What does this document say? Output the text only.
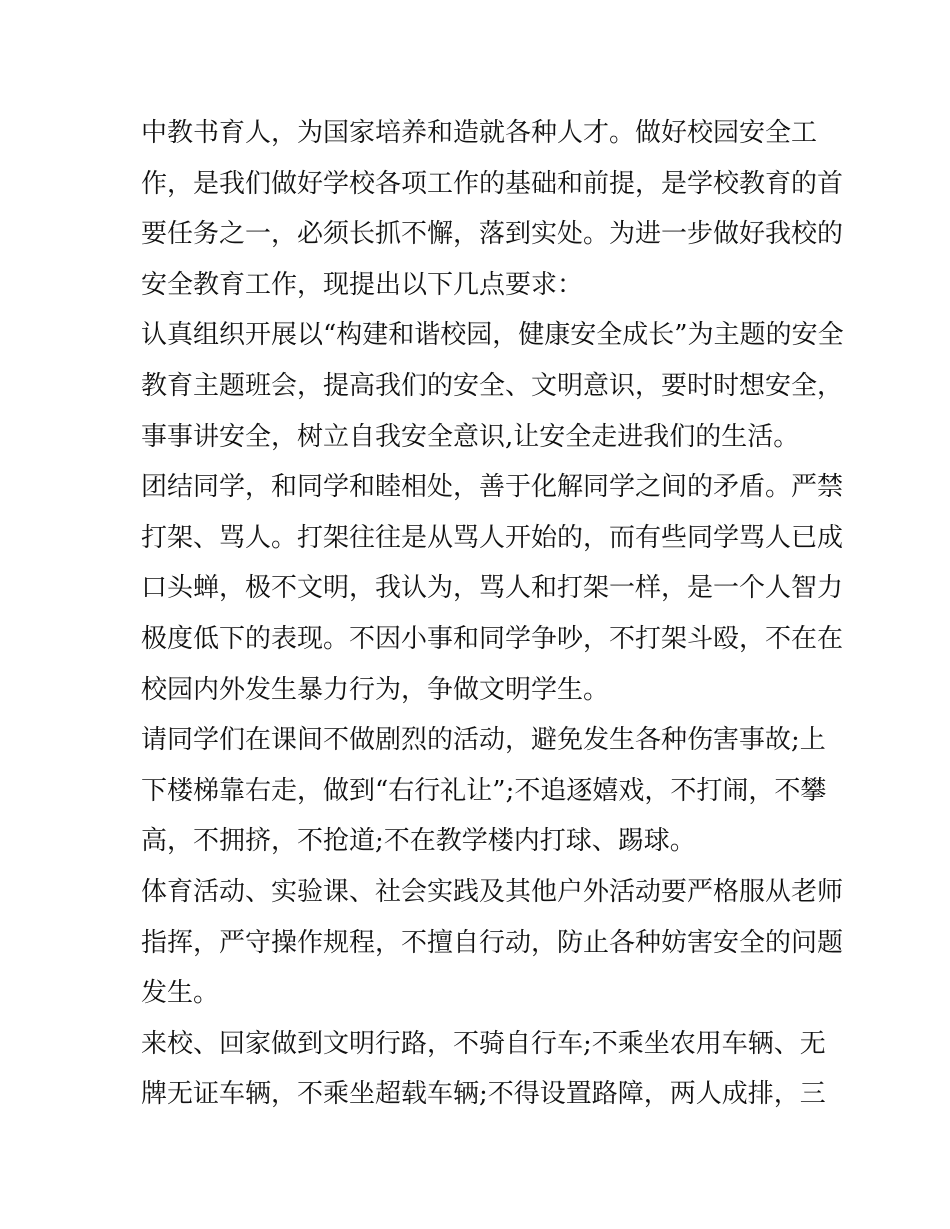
中教书育人，为国家培养和造就各种人才。做好校园安全工
作，是我们做好学校各项工作的基础和前提，是学校教育的首
要任务之一，必须长抓不懈，落到实处。为进一步做好我校的
安全教育工作，现提出以下几点要求：
认真组织开展以“构建和谐校园，健康安全成长”为主题的安全
教育主题班会，提高我们的安全、文明意识，要时时想安全，
事事讲安全，树立自我安全意识,让安全走进我们的生活。
团结同学，和同学和睦相处，善于化解同学之间的矛盾。严禁
打架、骂人。打架往往是从骂人开始的，而有些同学骂人已成
口头蝉，极不文明，我认为，骂人和打架一样，是一个人智力
极度低下的表现。不因小事和同学争吵，不打架斗殴，不在在
校园内外发生暴力行为，争做文明学生。
请同学们在课间不做剧烈的活动，避免发生各种伤害事故;上
下楼梯靠右走，做到“右行礼让”;不追逐嬉戏，不打闹，不攀
高，不拥挤，不抢道;不在教学楼内打球、踢球。
体育活动、实验课、社会实践及其他户外活动要严格服从老师
指挥，严守操作规程，不擅自行动，防止各种妨害安全的问题
发生。
来校、回家做到文明行路，不骑自行车;不乘坐农用车辆、无
牌无证车辆，不乘坐超载车辆;不得设置路障，两人成排，三
